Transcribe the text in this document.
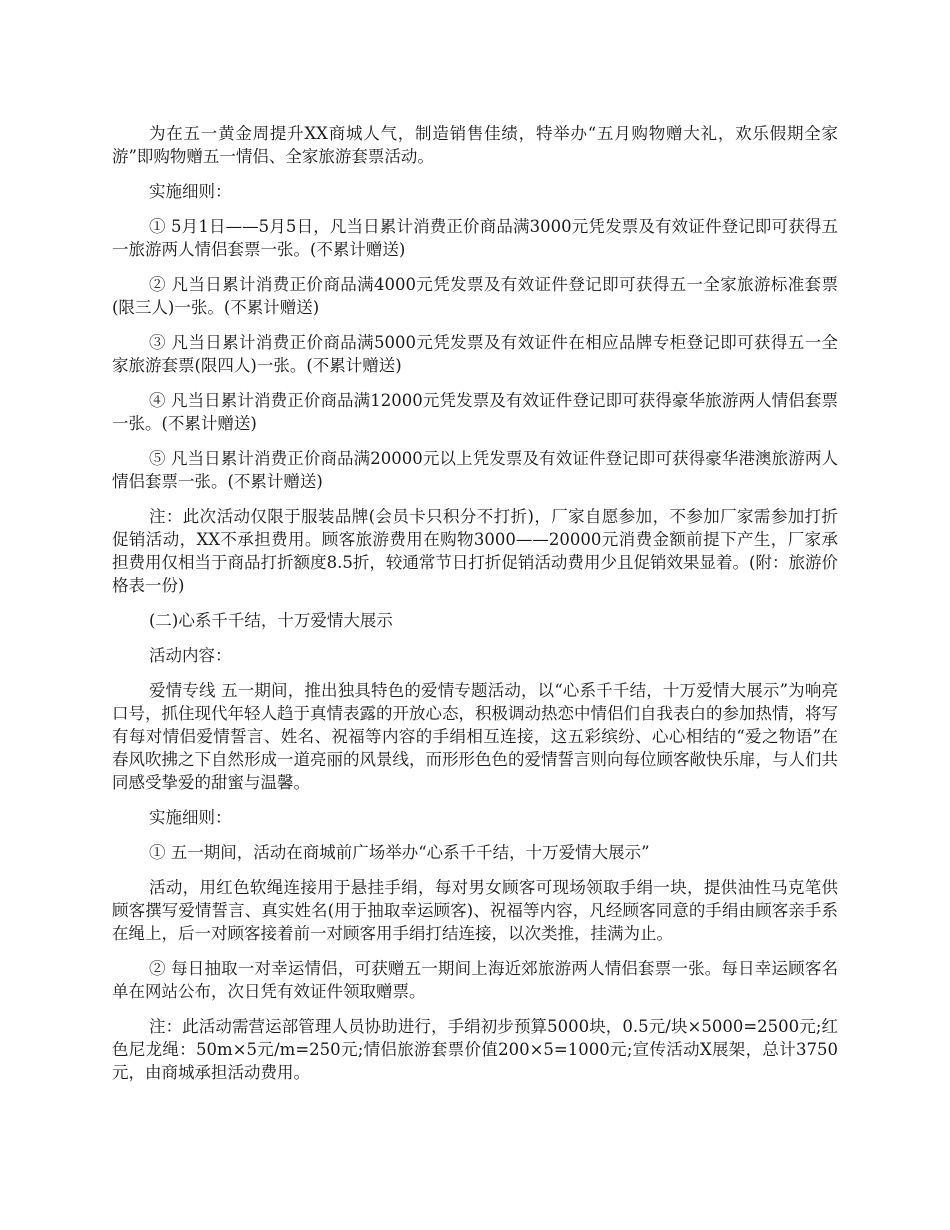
为在五一黄金周提升XX商城人气，制造销售佳绩，特举办“五月购物赠大礼，欢乐假期全家游”即购物赠五一情侣、全家旅游套票活动。

实施细则：

① 5月1日——5月5日，凡当日累计消费正价商品满3000元凭发票及有效证件登记即可获得五一旅游两人情侣套票一张。(不累计赠送)

② 凡当日累计消费正价商品满4000元凭发票及有效证件登记即可获得五一全家旅游标准套票(限三人)一张。(不累计赠送)

③ 凡当日累计消费正价商品满5000元凭发票及有效证件在相应品牌专柜登记即可获得五一全家旅游套票(限四人)一张。(不累计赠送)

④ 凡当日累计消费正价商品满12000元凭发票及有效证件登记即可获得豪华旅游两人情侣套票一张。(不累计赠送)

⑤ 凡当日累计消费正价商品满20000元以上凭发票及有效证件登记即可获得豪华港澳旅游两人情侣套票一张。(不累计赠送)

注：此次活动仅限于服装品牌(会员卡只积分不打折)，厂家自愿参加，不参加厂家需参加打折促销活动，XX不承担费用。顾客旅游费用在购物3000——20000元消费金额前提下产生，厂家承担费用仅相当于商品打折额度8.5折，较通常节日打折促销活动费用少且促销效果显着。(附：旅游价格表一份)

(二)心系千千结，十万爱情大展示

活动内容：

爱情专线 五一期间，推出独具特色的爱情专题活动，以“心系千千结，十万爱情大展示”为响亮口号，抓住现代年轻人趋于真情表露的开放心态，积极调动热恋中情侣们自我表白的参加热情，将写有每对情侣爱情誓言、姓名、祝福等内容的手绢相互连接，这五彩缤纷、心心相结的“爱之物语”在春风吹拂之下自然形成一道亮丽的风景线，而形形色色的爱情誓言则向每位顾客敞快乐扉，与人们共同感受挚爱的甜蜜与温馨。

实施细则：

① 五一期间，活动在商城前广场举办“心系千千结，十万爱情大展示”

活动，用红色软绳连接用于悬挂手绢，每对男女顾客可现场领取手绢一块，提供油性马克笔供顾客撰写爱情誓言、真实姓名(用于抽取幸运顾客)、祝福等内容，凡经顾客同意的手绢由顾客亲手系在绳上，后一对顾客接着前一对顾客用手绢打结连接，以次类推，挂满为止。

② 每日抽取一对幸运情侣，可获赠五一期间上海近郊旅游两人情侣套票一张。每日幸运顾客名单在网站公布，次日凭有效证件领取赠票。

注：此活动需营运部管理人员协助进行，手绢初步预算5000块，0.5元/块×5000=2500元;红色尼龙绳：50m×5元/m=250元;情侣旅游套票价值200×5=1000元;宣传活动X展架，总计3750元，由商城承担活动费用。
